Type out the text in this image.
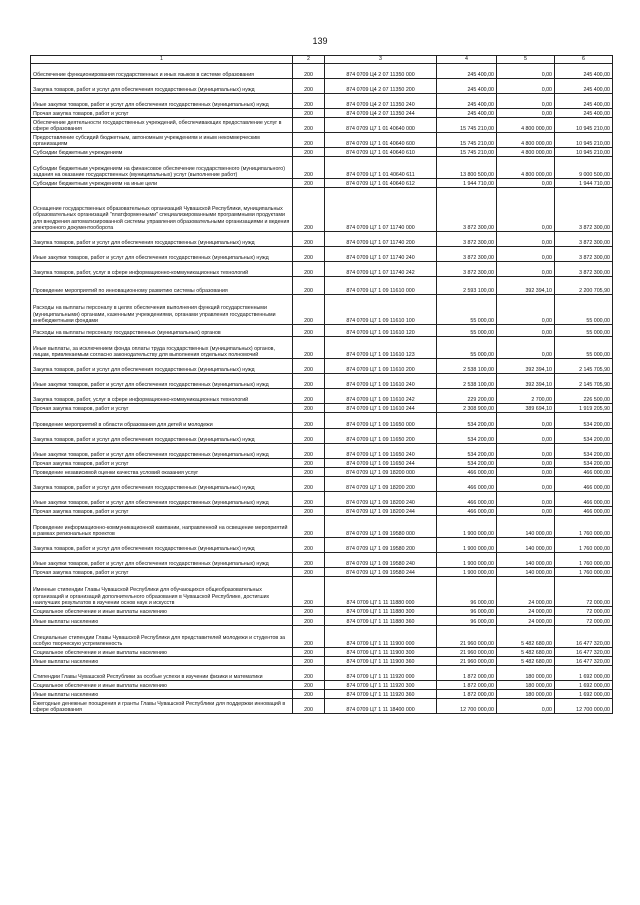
139
1	2	3	4	5	6
Обеспечение функционирования государственных и иных языков в системе образования	200	874 0709 Ц4 2 07 11350 000	245 400,00	0,00	245 400,00
Закупка товаров, работ и услуг для обеспечения государственных (муниципальных) нужд	200	874 0709 Ц4 2 07 11350 200	245 400,00	0,00	245 400,00
Иные закупки товаров, работ и услуг для обеспечения государственных (муниципальных) нужд	200	874 0709 Ц4 2 07 11350 240	245 400,00	0,00	245 400,00
Прочая закупка товаров, работ и услуг	200	874 0709 Ц4 2 07 11350 244	245 400,00	0,00	245 400,00
Обеспечение деятельности государственных учреждений, обеспечивающих предоставление услуг в сфере образования	200	874 0709 Ц7 1 01 40640 000	15 745 210,00	4 800 000,00	10 945 210,00
Предоставление субсидий бюджетным, автономным учреждениям и иным некоммерческим организациям	200	874 0709 Ц7 1 01 40640 600	15 745 210,00	4 800 000,00	10 945 210,00
Субсидии бюджетным учреждениям	200	874 0709 Ц7 1 01 40640 610	15 745 210,00	4 800 000,00	10 945 210,00
Субсидии бюджетным учреждениям на финансовое обеспечение государственного (муниципального) задания на оказание государственных (муниципальных) услуг (выполнение работ)	200	874 0709 Ц7 1 01 40640 611	13 800 500,00	4 800 000,00	9 000 500,00
Субсидии бюджетным учреждениям на иные цели	200	874 0709 Ц7 1 01 40640 612	1 944 710,00	0,00	1 944 710,00
Оснащение государственных образовательных организаций Чувашской Республики, муниципальных образовательных организаций "платформенными" специализированными программными продуктами для внедрения автоматизированной системы управления образовательными организациями и ведения электронного документооборота	200	874 0709 Ц7 1 07 11740 000	3 872 300,00	0,00	3 872 300,00
Закупка товаров, работ и услуг для обеспечения государственных (муниципальных) нужд	200	874 0709 Ц7 1 07 11740 200	3 872 300,00	0,00	3 872 300,00
Иные закупки товаров, работ и услуг для обеспечения государственных (муниципальных) нужд	200	874 0709 Ц7 1 07 11740 240	3 872 300,00	0,00	3 872 300,00
Закупка товаров, работ, услуг в сфере информационно-коммуникационных технологий	200	874 0709 Ц7 1 07 11740 242	3 872 300,00	0,00	3 872 300,00
Проведение мероприятий по инновационному развитию системы образования	200	874 0709 Ц7 1 09 11610 000	2 593 100,00	392 394,10	2 200 705,90
Расходы на выплаты персоналу в целях обеспечения выполнения функций государственными (муниципальными) органами, казенными учреждениями, органами управления государственными внебюджетными фондами	200	874 0709 Ц7 1 09 11610 100	55 000,00	0,00	55 000,00
Расходы на выплаты персоналу государственных (муниципальных) органов	200	874 0709 Ц7 1 09 11610 120	55 000,00	0,00	55 000,00
Иные выплаты, за исключением фонда оплаты труда государственных (муниципальных) органов, лицам, привлекаемым согласно законодательству для выполнения отдельных полномочий	200	874 0709 Ц7 1 09 11610 123	55 000,00	0,00	55 000,00
Закупка товаров, работ и услуг для обеспечения государственных (муниципальных) нужд	200	874 0709 Ц7 1 09 11610 200	2 538 100,00	392 394,10	2 145 705,90
Иные закупки товаров, работ и услуг для обеспечения государственных (муниципальных) нужд	200	874 0709 Ц7 1 09 11610 240	2 538 100,00	392 394,10	2 145 705,90
Закупка товаров, работ, услуг в сфере информационно-коммуникационных технологий	200	874 0709 Ц7 1 09 11610 242	229 200,00	2 700,00	226 500,00
Прочая закупка товаров, работ и услуг	200	874 0709 Ц7 1 09 11610 244	2 308 900,00	389 694,10	1 919 205,90
Проведение мероприятий в области образования для детей и молодежи	200	874 0709 Ц7 1 09 11650 000	534 200,00	0,00	534 200,00
Закупка товаров, работ и услуг для обеспечения государственных (муниципальных) нужд	200	874 0709 Ц7 1 09 11650 200	534 200,00	0,00	534 200,00
Иные закупки товаров, работ и услуг для обеспечения государственных (муниципальных) нужд	200	874 0709 Ц7 1 09 11650 240	534 200,00	0,00	534 200,00
Прочая закупка товаров, работ и услуг	200	874 0709 Ц7 1 09 11650 244	534 200,00	0,00	534 200,00
Проведение независимой оценки качества условий оказания услуг	200	874 0709 Ц7 1 09 18200 000	466 000,00	0,00	466 000,00
Закупка товаров, работ и услуг для обеспечения государственных (муниципальных) нужд	200	874 0709 Ц7 1 09 18200 200	466 000,00	0,00	466 000,00
Иные закупки товаров, работ и услуг для обеспечения государственных (муниципальных) нужд	200	874 0709 Ц7 1 09 18200 240	466 000,00	0,00	466 000,00
Прочая закупка товаров, работ и услуг	200	874 0709 Ц7 1 09 18200 244	466 000,00	0,00	466 000,00
Проведение информационно-коммуникационной кампании, направленной на освещение мероприятий в рамках региональных проектов	200	874 0709 Ц7 1 09 19580 000	1 900 000,00	140 000,00	1 760 000,00
Закупка товаров, работ и услуг для обеспечения государственных (муниципальных) нужд	200	874 0709 Ц7 1 09 19580 200	1 900 000,00	140 000,00	1 760 000,00
Иные закупки товаров, работ и услуг для обеспечения государственных (муниципальных) нужд	200	874 0709 Ц7 1 09 19580 240	1 900 000,00	140 000,00	1 760 000,00
Прочая закупка товаров, работ и услуг	200	874 0709 Ц7 1 09 19580 244	1 900 000,00	140 000,00	1 760 000,00
Именные стипендии Главы Чувашской Республики для обучающихся общеобразовательных организаций и организаций дополнительного образования в Чувашской Республике, достигших наилучших результатов в изучении основ наук и искусств	200	874 0709 Ц7 1 11 11880 000	96 000,00	24 000,00	72 000,00
Социальное обеспечение и иные выплаты населению	200	874 0709 Ц7 1 11 11880 300	96 000,00	24 000,00	72 000,00
Иные выплаты населению	200	874 0709 Ц7 1 11 11880 360	96 000,00	24 000,00	72 000,00
Специальные стипендии Главы Чувашской Республики для представителей молодежи и студентов за особую творческую устремленность	200	874 0709 Ц7 1 11 11900 000	21 960 000,00	5 482 680,00	16 477 320,00
Социальное обеспечение и иные выплаты населению	200	874 0709 Ц7 1 11 11900 300	21 960 000,00	5 482 680,00	16 477 320,00
Иные выплаты населению	200	874 0709 Ц7 1 11 11900 360	21 960 000,00	5 482 680,00	16 477 320,00
Стипендии Главы Чувашской Республики за особые успехи в изучении физики и математики	200	874 0709 Ц7 1 11 11920 000	1 872 000,00	180 000,00	1 692 000,00
Социальное обеспечение и иные выплаты населению	200	874 0709 Ц7 1 11 11920 300	1 872 000,00	180 000,00	1 692 000,00
Иные выплаты населению	200	874 0709 Ц7 1 11 11920 360	1 872 000,00	180 000,00	1 692 000,00
Ежегодные денежные поощрения и гранты Главы Чувашской Республики для поддержки инноваций в сфере образования	200	874 0709 Ц7 1 11 18400 000	12 700 000,00	0,00	12 700 000,00
